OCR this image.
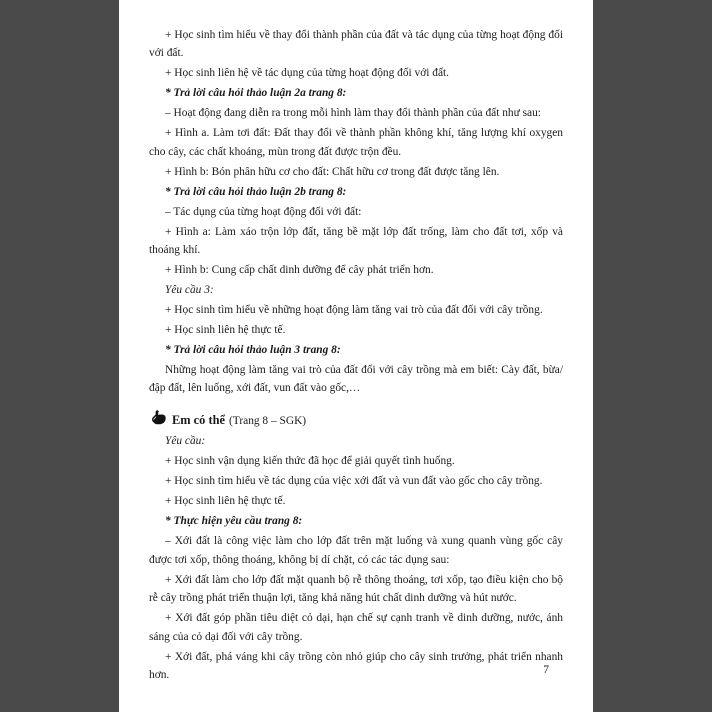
+ Học sinh tìm hiểu về thay đổi thành phần của đất và tác dụng của từng hoạt động đối với đất.

+ Học sinh liên hệ về tác dụng của từng hoạt động đối với đất.

* Trả lời câu hỏi thảo luận 2a trang 8:

– Hoạt động đang diễn ra trong mỗi hình làm thay đổi thành phần của đất như sau:

+ Hình a. Làm tơi đất: Đất thay đổi về thành phần không khí, tăng lượng khí oxygen cho cây, các chất khoáng, mùn trong đất được trộn đều.

+ Hình b: Bón phân hữu cơ cho đất: Chất hữu cơ trong đất được tăng lên.

* Trả lời câu hỏi thảo luận 2b trang 8:

– Tác dụng của từng hoạt động đối với đất:

+ Hình a: Làm xáo trộn lớp đất, tăng bề mặt lớp đất trống, làm cho đất tơi, xốp và thoáng khí.

+ Hình b: Cung cấp chất dinh dưỡng để cây phát triển hơn.

Yêu cầu 3:

+ Học sinh tìm hiểu về những hoạt động làm tăng vai trò của đất đối với cây trồng.

+ Học sinh liên hệ thực tế.

* Trả lời câu hỏi thảo luận 3 trang 8:

Những hoạt động làm tăng vai trò của đất đối với cây trồng mà em biết: Cày đất, bừa/đập đất, lên luống, xới đất, vun đất vào gốc,…

Em có thể (Trang 8 – SGK)

Yêu cầu:

+ Học sinh vận dụng kiến thức đã học để giải quyết tình huống.

+ Học sinh tìm hiểu về tác dụng của việc xới đất và vun đất vào gốc cho cây trồng.

+ Học sinh liên hệ thực tế.

* Thực hiện yêu cầu trang 8:

– Xới đất là công việc làm cho lớp đất trên mặt luống và xung quanh vùng gốc cây được tơi xốp, thông thoáng, không bị dí chặt, có các tác dụng sau:

+ Xới đất làm cho lớp đất mặt quanh bộ rễ thông thoáng, tơi xốp, tạo điều kiện cho bộ rễ cây trồng phát triển thuận lợi, tăng khả năng hút chất dinh dưỡng và hút nước.

+ Xới đất góp phần tiêu diệt cỏ dại, hạn chế sự cạnh tranh về dinh dưỡng, nước, ánh sáng của cỏ dại đối với cây trồng.

+ Xới đất, phá váng khi cây trồng còn nhỏ giúp cho cây sinh trưởng, phát triển nhanh hơn.	7
